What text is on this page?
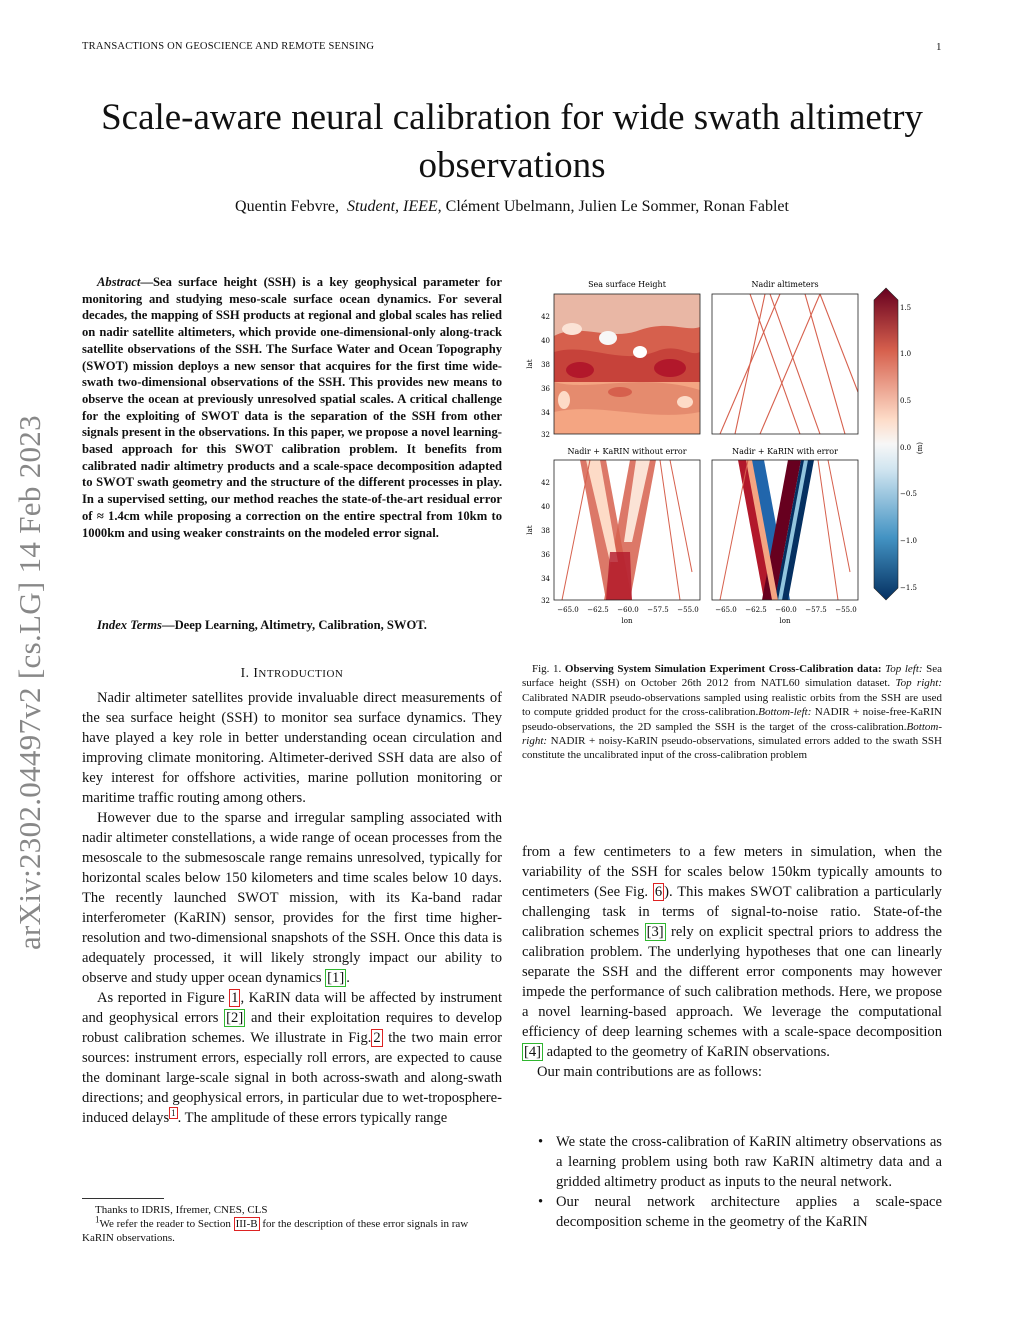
TRANSACTIONS ON GEOSCIENCE AND REMOTE SENSING	1
Scale-aware neural calibration for wide swath altimetry observations
Quentin Febvre, Student, IEEE, Clément Ubelmann, Julien Le Sommer, Ronan Fablet
arXiv:2302.04497v2 [cs.LG] 14 Feb 2023
Abstract—Sea surface height (SSH) is a key geophysical parameter for monitoring and studying meso-scale surface ocean dynamics. For several decades, the mapping of SSH products at regional and global scales has relied on nadir satellite altimeters, which provide one-dimensional-only along-track satellite observations of the SSH. The Surface Water and Ocean Topography (SWOT) mission deploys a new sensor that acquires for the first time wide-swath two-dimensional observations of the SSH. This provides new means to observe the ocean at previously unresolved spatial scales. A critical challenge for the exploiting of SWOT data is the separation of the SSH from other signals present in the observations. In this paper, we propose a novel learning-based approach for this SWOT calibration problem. It benefits from calibrated nadir altimetry products and a scale-space decomposition adapted to SWOT swath geometry and the structure of the different processes in play. In a supervised setting, our method reaches the state-of-the-art residual error of ≈ 1.4cm while proposing a correction on the entire spectral from 10km to 1000km and using weaker constraints on the modeled error signal.
Index Terms—Deep Learning, Altimetry, Calibration, SWOT.
I. INTRODUCTION

Nadir altimeter satellites provide invaluable direct measurements of the sea surface height (SSH) to monitor sea surface dynamics. They have played a key role in better understanding ocean circulation and improving climate monitoring. Altimeter-derived SSH data are also of key interest for offshore activities, marine pollution monitoring or maritime traffic routing among others.

However due to the sparse and irregular sampling associated with nadir altimeter constellations, a wide range of ocean processes from the mesoscale to the submesoscale range remains unresolved, typically for horizontal scales below 150 kilometers and time scales below 10 days. The recently launched SWOT mission, with its Ka-band radar interferometer (KaRIN) sensor, provides for the first time higher-resolution and two-dimensional snapshots of the SSH. Once this data is adequately processed, it will likely strongly impact our ability to observe and study upper ocean dynamics [1] .

As reported in Figure 1 , KaRIN data will be affected by instrument and geophysical errors [2] and their exploitation requires to develop robust calibration schemes. We illustrate in Fig. 2 the two main error sources: instrument errors, especially roll errors, are expected to cause the dominant large-scale signal in both across-swath and along-swath directions; and geophysical errors, in particular due to wet-troposphere-induced delays $^1$ . The amplitude of these errors typically range

Thanks to IDRIS, Ifremer, CNES, CLS
$^1$We refer the reader to Section III-B for the description of these error signals in raw KaRIN observations.
Sea surface Height	Nadir altimeters
Nadir + KaRIN without error	Nadir + KaRIN with error
42
40
38
36
34
32
42
40
38
36
34
32
lat
lat
−65.0 −62.5 −60.0 −57.5 −55.0 −65.0 −62.5 −60.0 −57.5 −55.0
lon	lon
1.5
1.0
0.5
0.0
−0.5
−1.0
−1.5
(m)
Fig. 1. Observing System Simulation Experiment Cross-Calibration data: Top left: Sea surface height (SSH) on October 26th 2012 from NATL60 simulation dataset. Top right: Calibrated NADIR pseudo-observations sampled using realistic orbits from the SSH are used to compute gridded product for the cross-calibration.Bottom-left: NADIR + noise-free-KaRIN pseudo-observations, the 2D sampled the SSH is the target of the cross-calibration.Bottom-right: NADIR + noisy-KaRIN pseudo-observations, simulated errors added to the swath SSH constitute the uncalibrated input of the cross-calibration problem

from a few centimeters to a few meters in simulation, when the variability of the SSH for scales below 150km typically amounts to centimeters (See Fig. 6 ). This makes SWOT calibration a particularly challenging task in terms of signal-to-noise ratio. State-of-the calibration schemes [3] rely on explicit spectral priors to address the calibration problem. The underlying hypotheses that one can linearly separate the SSH and the different error components may however impede the performance of such calibration methods. Here, we propose a novel learning-based approach. We leverage the computational efficiency of deep learning schemes with a scale-space decomposition [4] adapted to the geometry of KaRIN observations.

Our main contributions are as follows:

• We state the cross-calibration of KaRIN altimetry observations as a learning problem using both raw KaRIN altimetry data and a gridded altimetry product as inputs to the neural network.
• Our neural network architecture applies a scale-space decomposition scheme in the geometry of the KaRIN
